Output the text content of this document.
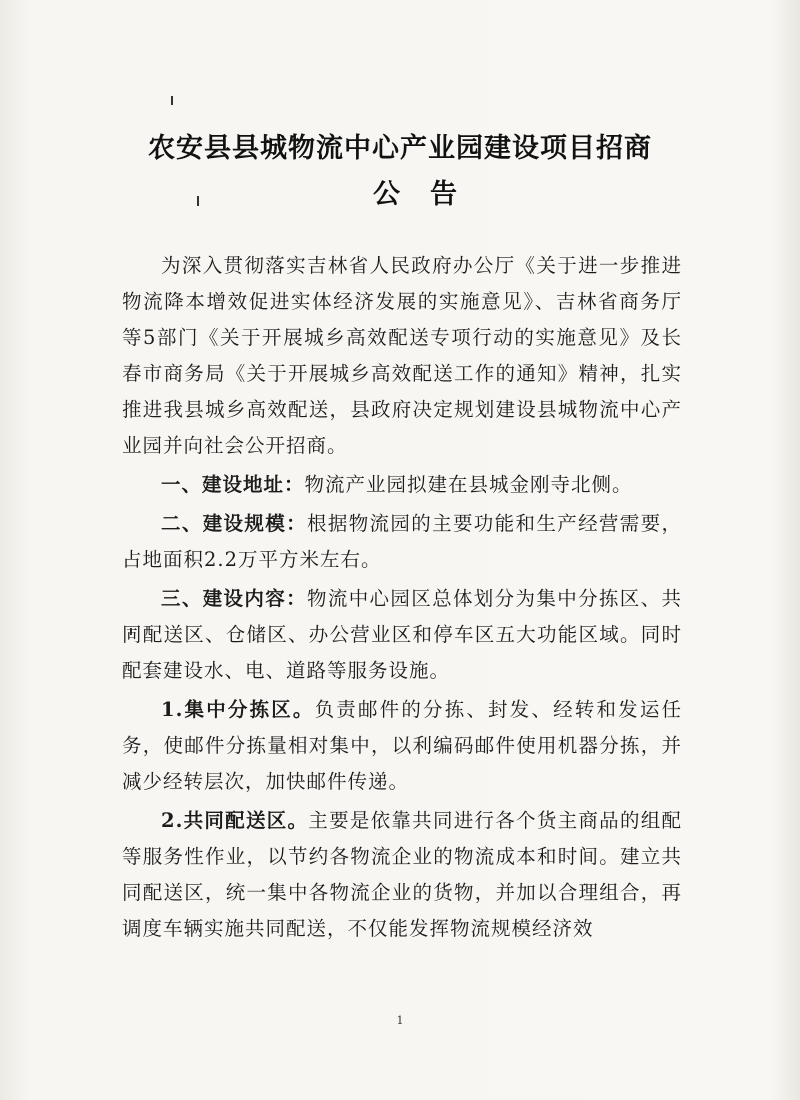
农安县县城物流中心产业园建设项目招商
公告

为深入贯彻落实吉林省人民政府办公厅《关于进一步推进物流降本增效促进实体经济发展的实施意见》、吉林省商务厅等5部门《关于开展城乡高效配送专项行动的实施意见》及长春市商务局《关于开展城乡高效配送工作的通知》精神，扎实推进我县城乡高效配送，县政府决定规划建设县城物流中心产业园并向社会公开招商。

一、建设地址：物流产业园拟建在县城金刚寺北侧。

二、建设规模：根据物流园的主要功能和生产经营需要，占地面积2.2万平方米左右。

三、建设内容：物流中心园区总体划分为集中分拣区、共同配送区、仓储区、办公营业区和停车区五大功能区域。同时配套建设水、电、道路等服务设施。

1.集中分拣区。负责邮件的分拣、封发、经转和发运任务，使邮件分拣量相对集中，以利编码邮件使用机器分拣，并减少经转层次，加快邮件传递。

2.共同配送区。主要是依靠共同进行各个货主商品的组配等服务性作业，以节约各物流企业的物流成本和时间。建立共同配送区，统一集中各物流企业的货物，并加以合理组合，再调度车辆实施共同配送，不仅能发挥物流规模经济效

1
